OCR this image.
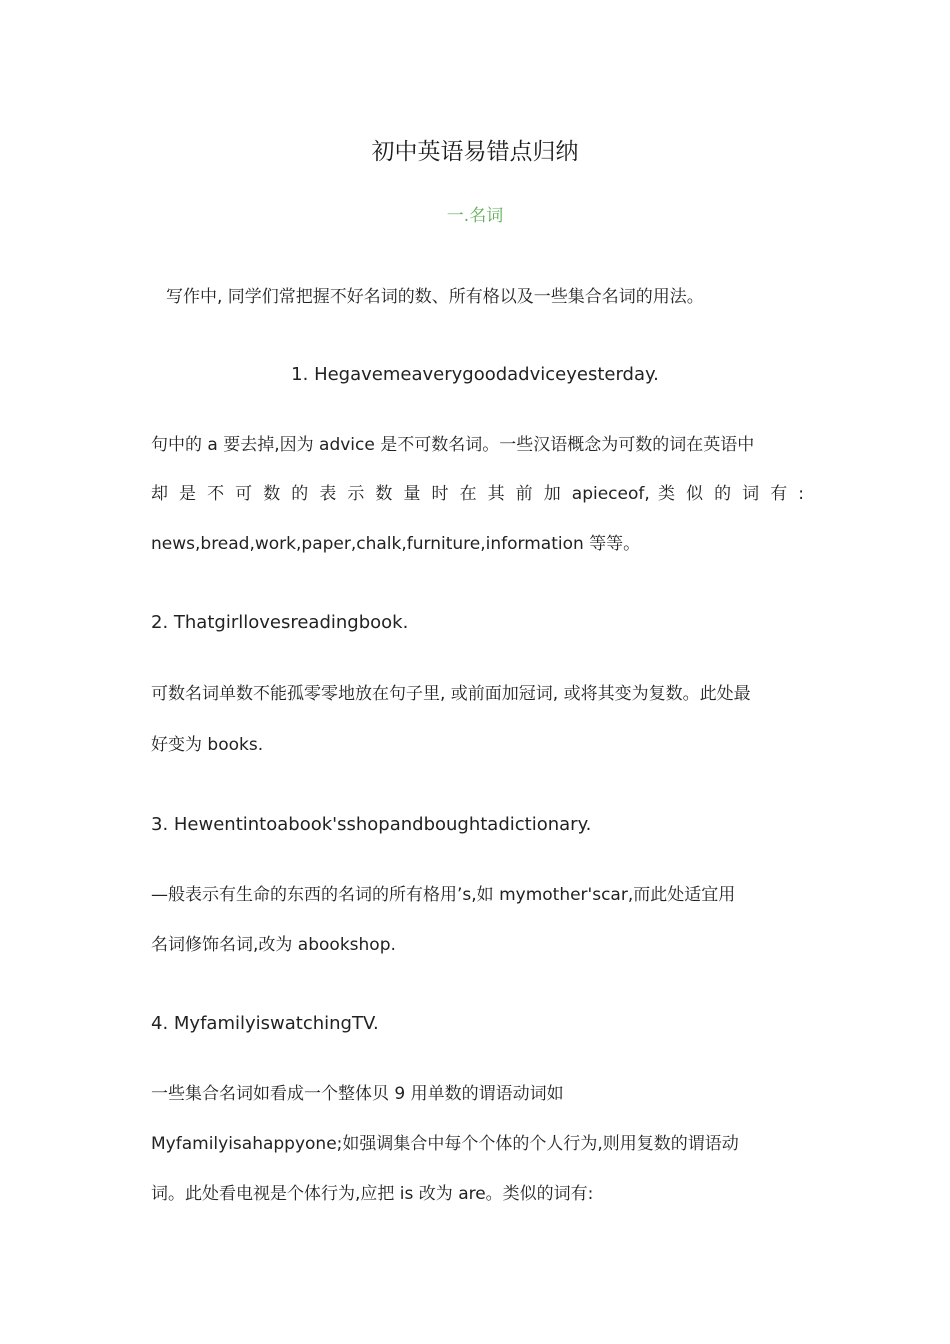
初中英语易错点归纳
一.名词
写作中, 同学们常把握不好名词的数、所有格以及一些集合名词的用法。
1. Hegavemeaverygoodadviceyesterday.
句中的 a 要去掉,因为 advice 是不可数名词。一些汉语概念为可数的词在英语中
却 是 不 可 数 的 表 示 数 量 时 在 其 前 加 apieceof, 类 似 的 词 有 :
news,bread,work,paper,chalk,furniture,information 等等。
2. Thatgirllovesreadingbook.
可数名词单数不能孤零零地放在句子里, 或前面加冠词, 或将其变为复数。此处最
好变为 books.
3. Hewentintoabook'sshopandboughtadictionary.
—般表示有生命的东西的名词的所有格用’s,如 mymother'scar,而此处适宜用
名词修饰名词,改为 abookshop.
4. MyfamilyiswatchingTV.
一些集合名词如看成一个整体贝 9 用单数的谓语动词如
Myfamilyisahappyone;如强调集合中每个个体的个人行为,则用复数的谓语动
词。此处看电视是个体行为,应把 is 改为 are。类似的词有:
